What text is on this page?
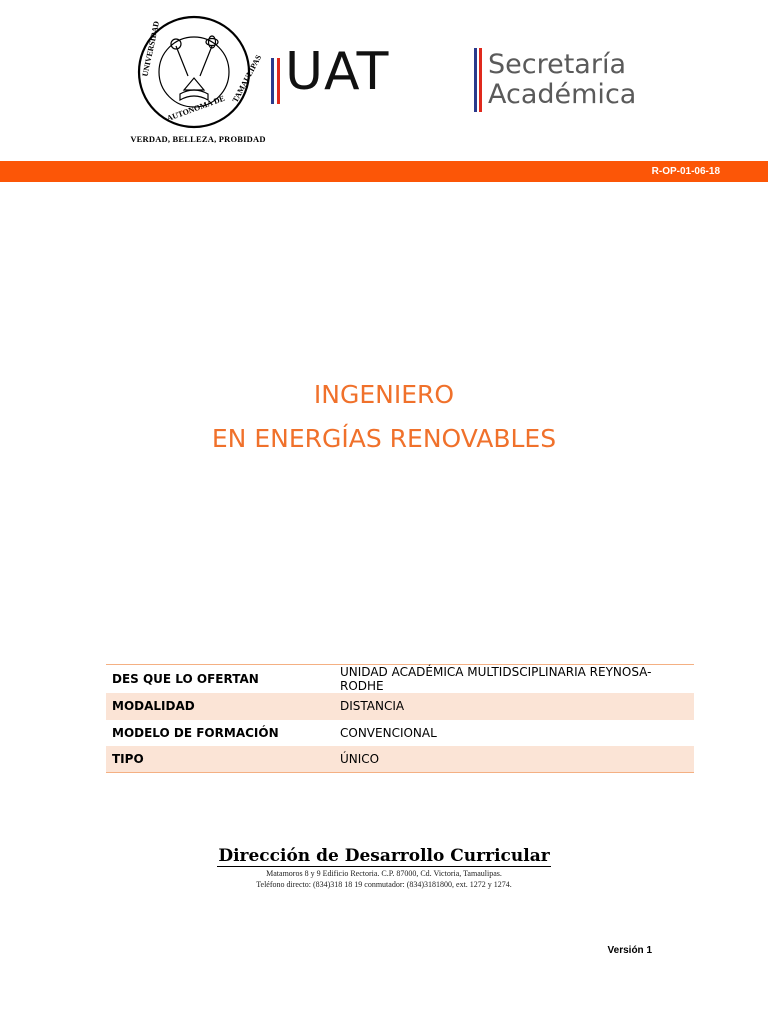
UNIVERSIDAD
AUTONOMA DE
TAMAULIPAS
VERDAD, BELLEZA, PROBIDAD
UAT	Secretaría
Académica
R-OP-01-06-18
INGENIERO
EN ENERGÍAS RENOVABLES
DES QUE LO OFERTAN	UNIDAD ACADÉMICA MULTIDSCIPLINARIA REYNOSA- RODHE
MODALIDAD	DISTANCIA
MODELO DE FORMACIÓN	CONVENCIONAL
TIPO	ÚNICO
Dirección de Desarrollo Curricular
Matamoros 8 y 9 Edificio Rectoria. C.P. 87000, Cd. Victoria, Tamaulipas.
Teléfono directo: (834)318 18 19 conmutador: (834)3181800, ext. 1272 y 1274.
Versión 1
